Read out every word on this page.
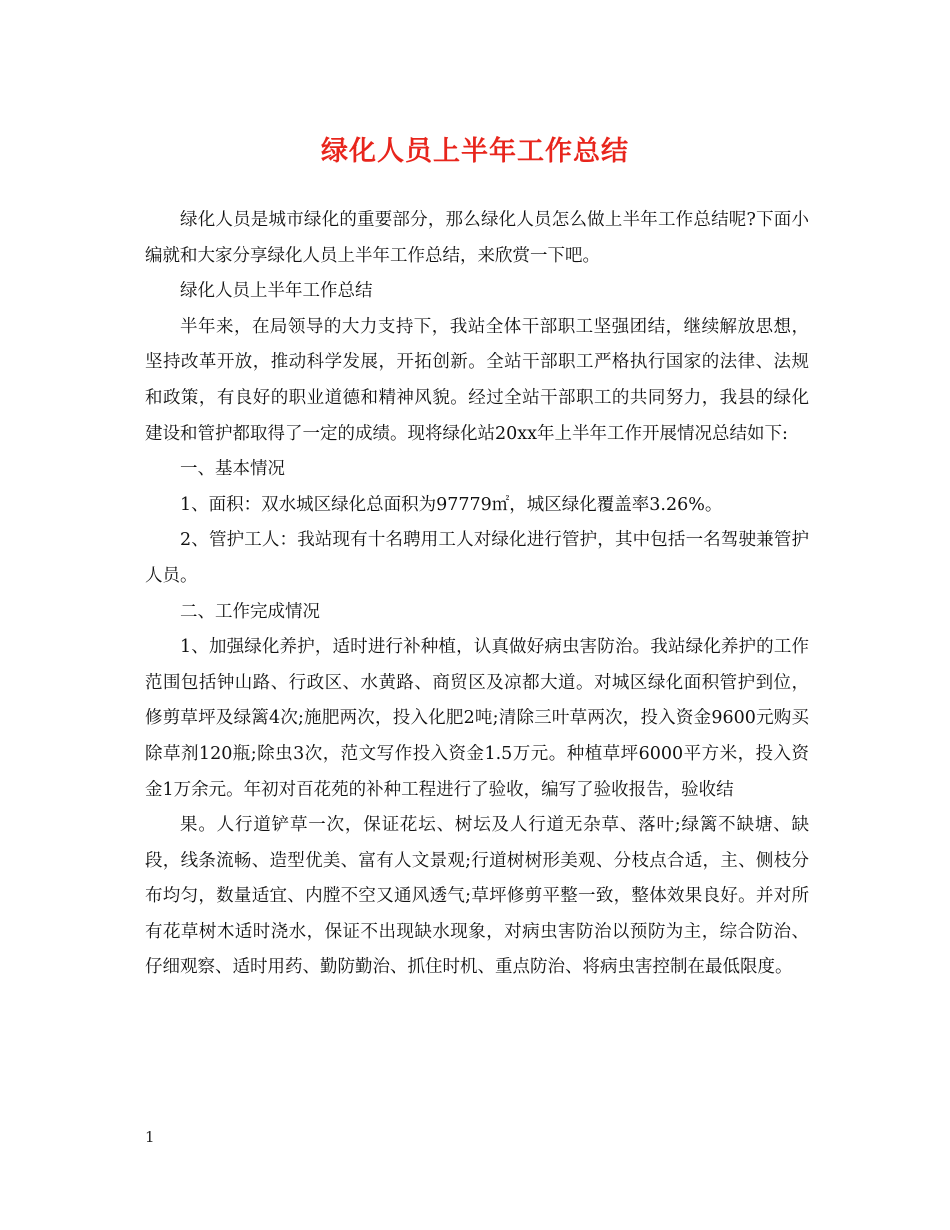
绿化人员上半年工作总结

绿化人员是城市绿化的重要部分，那么绿化人员怎么做上半年工作总结呢?下面小编就和大家分享绿化人员上半年工作总结，来欣赏一下吧。

绿化人员上半年工作总结

半年来，在局领导的大力支持下，我站全体干部职工坚强团结，继续解放思想，坚持改革开放，推动科学发展，开拓创新。全站干部职工严格执行国家的法律、法规和政策，有良好的职业道德和精神风貌。经过全站干部职工的共同努力，我县的绿化建设和管护都取得了一定的成绩。现将绿化站20xx年上半年工作开展情况总结如下:

一、基本情况

1、面积：双水城区绿化总面积为97779㎡，城区绿化覆盖率3.26%。

2、管护工人：我站现有十名聘用工人对绿化进行管护，其中包括一名驾驶兼管护人员。

二、工作完成情况

1、加强绿化养护，适时进行补种植，认真做好病虫害防治。我站绿化养护的工作范围包括钟山路、行政区、水黄路、商贸区及凉都大道。对城区绿化面积管护到位，修剪草坪及绿篱4次;施肥两次，投入化肥2吨;清除三叶草两次，投入资金9600元购买除草剂120瓶;除虫3次，范文写作投入资金1.5万元。种植草坪6000平方米，投入资金1万余元。年初对百花苑的补种工程进行了验收，编写了验收报告，验收结

果。人行道铲草一次，保证花坛、树坛及人行道无杂草、落叶;绿篱不缺塘、缺段，线条流畅、造型优美、富有人文景观;行道树树形美观、分枝点合适，主、侧枝分布均匀，数量适宜、内膛不空又通风透气;草坪修剪平整一致，整体效果良好。并对所有花草树木适时浇水，保证不出现缺水现象，对病虫害防治以预防为主，综合防治、仔细观察、适时用药、勤防勤治、抓住时机、重点防治、将病虫害控制在最低限度。

1
